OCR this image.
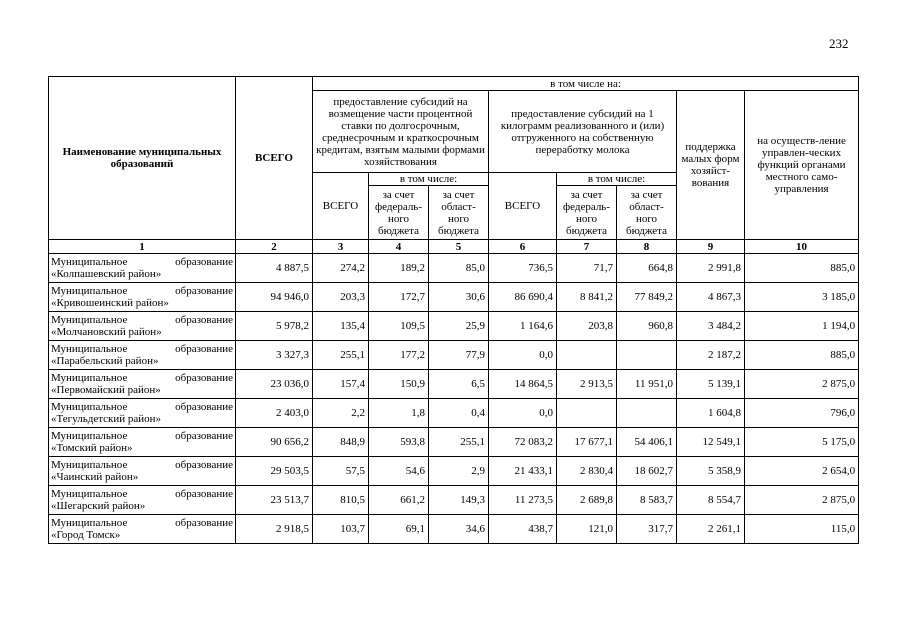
232
Наименование муниципальных образований	ВСЕГО	в том числе на:							
		предоставление субсидий на возмещение части процентной ставки по долгосрочным, среднесрочным и краткосрочным кредитам, взятым малыми формами хозяйствования			предоставление субсидий на 1 килограмм реализованного и (или) отгруженного на собственную переработку молока			поддержка малых форм хозяйст-вования	на осуществ-ление управлен-ческих функций органами местного само-управления
		ВСЕГО	в том числе:		ВСЕГО	в том числе:			
			за счет федераль-ного бюджета	за счет област-ного бюджета		за счет федераль-ного бюджета	за счет област-ного бюджета		
1	2	3	4	5	6	7	8	9	10

Муниципальное образование
«Колпашевский район»	4 887,5	274,2	189,2	85,0	736,5	71,7	664,8	2 991,8	885,0

Муниципальное образование
«Кривошеинский район»	94 946,0	203,3	172,7	30,6	86 690,4	8 841,2	77 849,2	4 867,3	3 185,0

Муниципальное образование
«Молчановский район»	5 978,2	135,4	109,5	25,9	1 164,6	203,8	960,8	3 484,2	1 194,0

Муниципальное образование
«Парабельский район»	3 327,3	255,1	177,2	77,9	0,0			2 187,2	885,0

Муниципальное образование
«Первомайский район»	23 036,0	157,4	150,9	6,5	14 864,5	2 913,5	11 951,0	5 139,1	2 875,0

Муниципальное образование
«Тегульдетский район»	2 403,0	2,2	1,8	0,4	0,0			1 604,8	796,0

Муниципальное образование
«Томский район»	90 656,2	848,9	593,8	255,1	72 083,2	17 677,1	54 406,1	12 549,1	5 175,0

Муниципальное образование
«Чаинский район»	29 503,5	57,5	54,6	2,9	21 433,1	2 830,4	18 602,7	5 358,9	2 654,0

Муниципальное образование
«Шегарский район»	23 513,7	810,5	661,2	149,3	11 273,5	2 689,8	8 583,7	8 554,7	2 875,0

Муниципальное образование
«Город Томск»	2 918,5	103,7	69,1	34,6	438,7	121,0	317,7	2 261,1	115,0
